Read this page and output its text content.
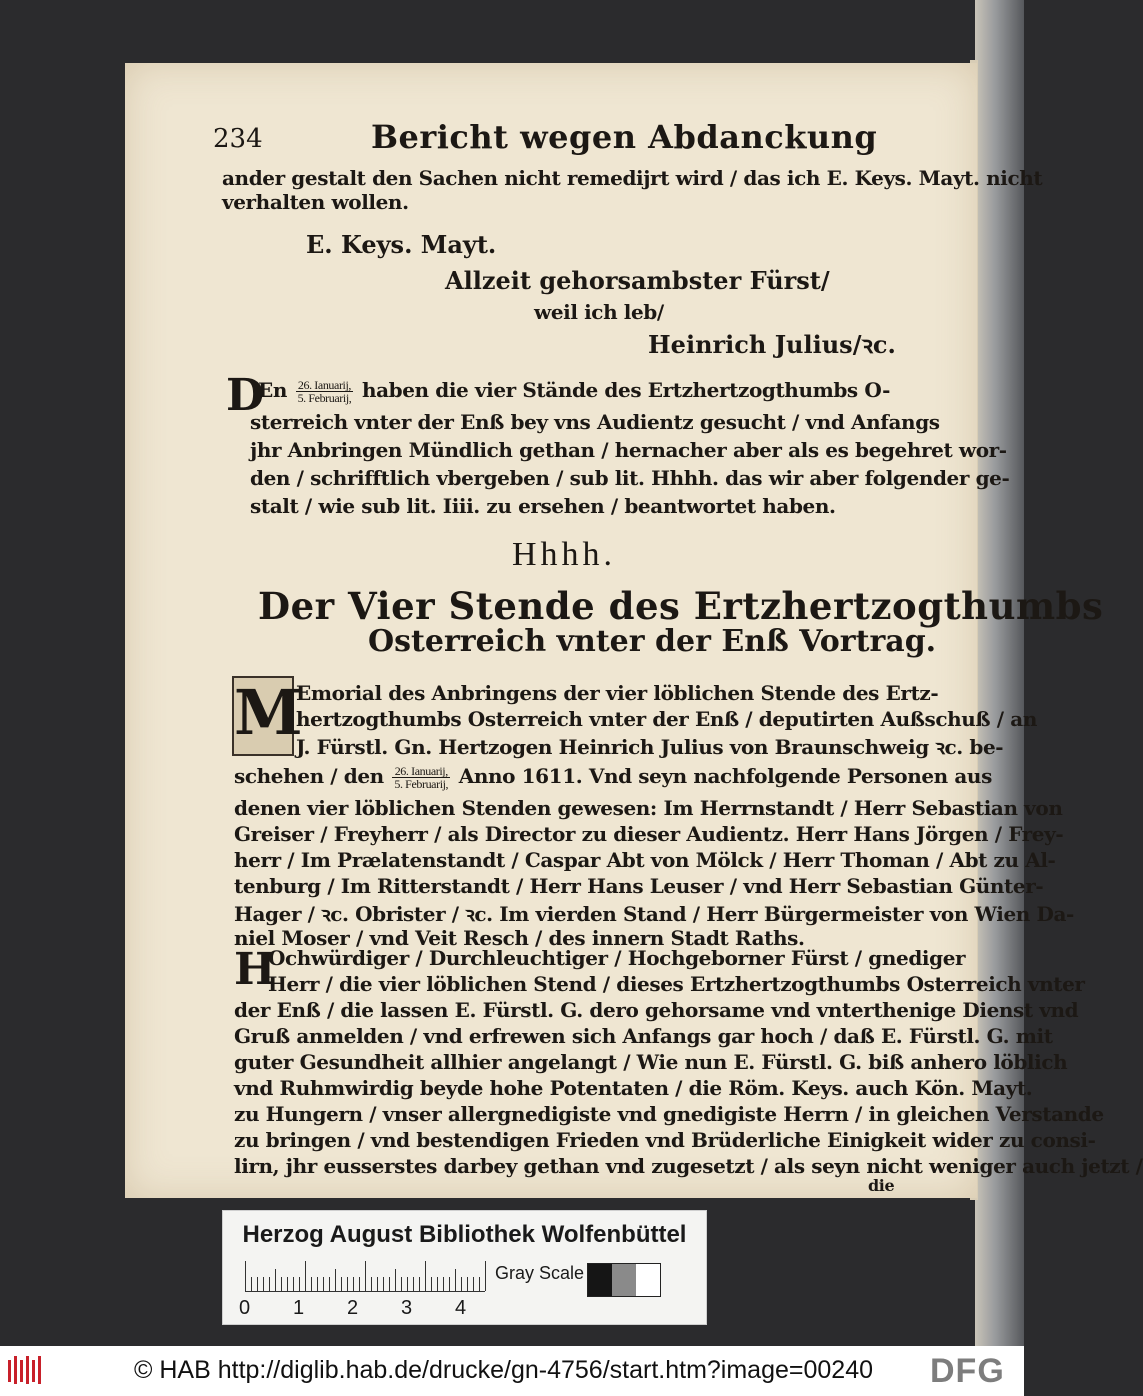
234	Bericht wegen Abdanckung
ander gestalt den Sachen nicht remedijrt wird / das ich E. Keys. Mayt. nicht
verhalten wollen.
E. Keys. Mayt.
Allzeit gehorsambster Fürst/
weil ich leb/
Heinrich Julius/ꝛc.
D
En $\frac{\text{26. Ianuarij,}}{\text{5. Februarij,}}$ haben die vier Stände des Ertzhertzogthumbs O-
sterreich vnter der Enß bey vns Audientz gesucht / vnd Anfangs
jhr Anbringen Mündlich gethan / hernacher aber als es begehret wor-
den / schrifftlich vbergeben / sub lit. Hhhh. das wir aber folgender ge-
stalt / wie sub lit. Iiii. zu ersehen / beantwortet haben.
Hhhh.
Der Vier Stende des Ertzhertzogthumbs
Osterreich vnter der Enß Vortrag.
M
Emorial des Anbringens der vier löblichen Stende des Ertz-
hertzogthumbs Osterreich vnter der Enß / deputirten Außschuß / an
J. Fürstl. Gn. Hertzogen Heinrich Julius von Braunschweig ꝛc. be-
schehen / den $\frac{\text{26. Ianuarij,}}{\text{5. Februarij,}}$ Anno 1611. Vnd seyn nachfolgende Personen aus
denen vier löblichen Stenden gewesen: Im Herrnstandt / Herr Sebastian von
Greiser / Freyherr / als Director zu dieser Audientz. Herr Hans Jörgen / Frey-
herr / Im Prælatenstandt / Caspar Abt von Mölck / Herr Thoman / Abt zu Al-
tenburg / Im Ritterstandt / Herr Hans Leuser / vnd Herr Sebastian Günter-
Hager / ꝛc. Obrister / ꝛc. Im vierden Stand / Herr Bürgermeister von Wien Da-
niel Moser / vnd Veit Resch / des innern Stadt Raths.
H
Ochwürdiger / Durchleuchtiger / Hochgeborner Fürst / gnediger
Herr / die vier löblichen Stend / dieses Ertzhertzogthumbs Osterreich vnter
der Enß / die lassen E. Fürstl. G. dero gehorsame vnd vnterthenige Dienst vnd
Gruß anmelden / vnd erfrewen sich Anfangs gar hoch / daß E. Fürstl. G. mit
guter Gesundheit allhier angelangt / Wie nun E. Fürstl. G. biß anhero löblich
vnd Ruhmwirdig beyde hohe Potentaten / die Röm. Keys. auch Kön. Mayt.
zu Hungern / vnser allergnedigiste vnd gnedigiste Herrn / in gleichen Verstande
zu bringen / vnd bestendigen Frieden vnd Brüderliche Einigkeit wider zu consi-
lirn, jhr eusserstes darbey gethan vnd zugesetzt / als seyn nicht weniger auch jetzt /
die
Herzog August Bibliothek Wolfenbüttel
0 1 2 3 4
Gray Scale
© HAB http://diglib.hab.de/drucke/gn-4756/start.htm?image=00240 DFG
